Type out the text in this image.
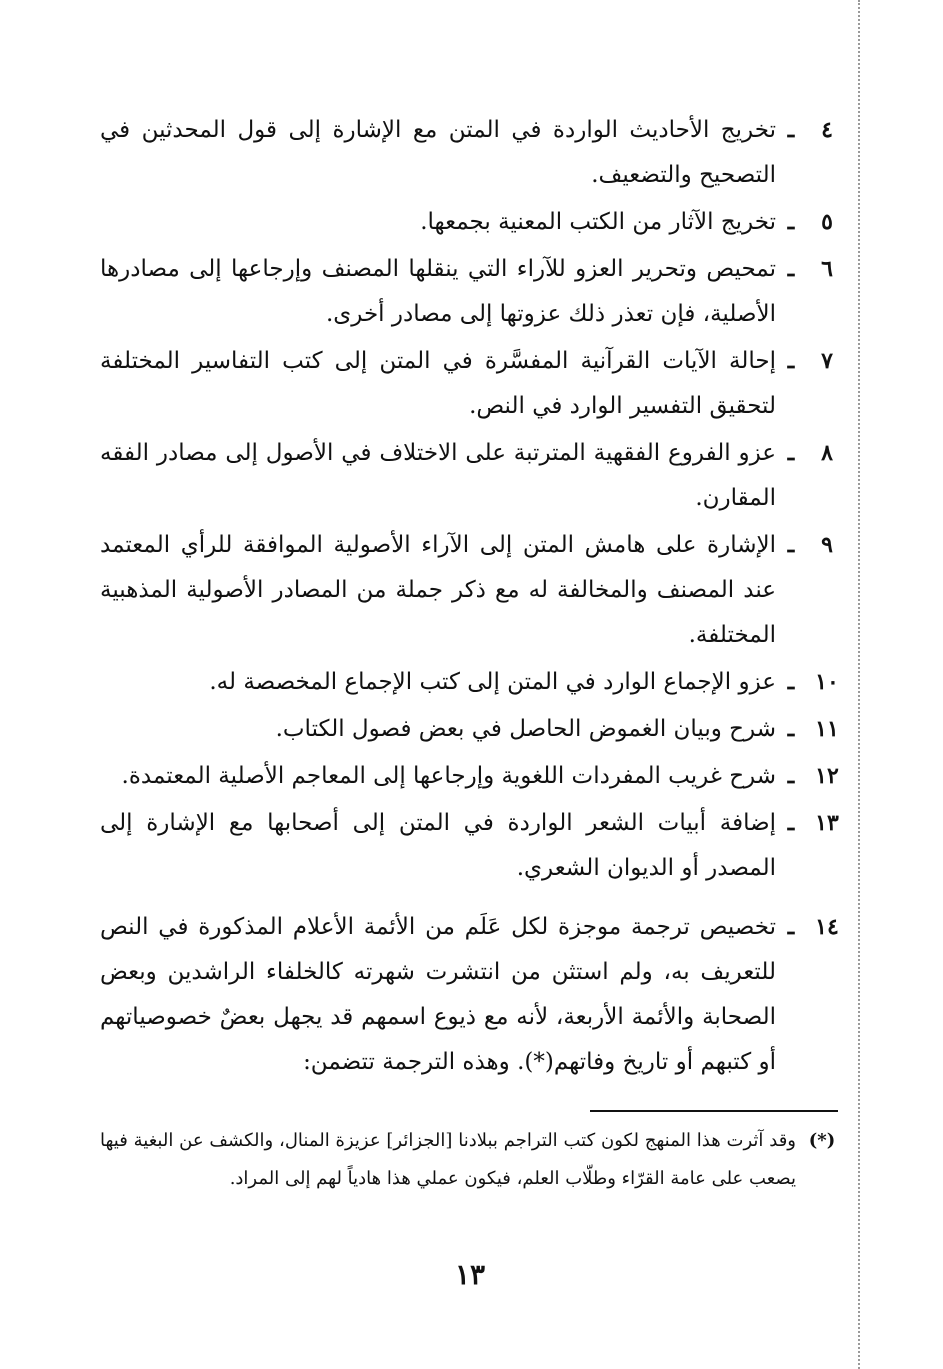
٤
ـ
تخريج الأحاديث الواردة في المتن مع الإشارة إلى قول المحدثين في التصحيح والتضعيف.
٥
ـ
تخريج الآثار من الكتب المعنية بجمعها.
٦
ـ
تمحيص وتحرير العزو للآراء التي ينقلها المصنف وإرجاعها إلى مصادرها الأصلية، فإن تعذر ذلك عزوتها إلى مصادر أخرى.
٧
ـ
إحالة الآيات القرآنية المفسَّرة في المتن إلى كتب التفاسير المختلفة لتحقيق التفسير الوارد في النص.
٨
ـ
عزو الفروع الفقهية المترتبة على الاختلاف في الأصول إلى مصادر الفقه المقارن.
٩
ـ
الإشارة على هامش المتن إلى الآراء الأصولية الموافقة للرأي المعتمد عند المصنف والمخالفة له مع ذكر جملة من المصادر الأصولية المذهبية المختلفة.
١٠
ـ
عزو الإجماع الوارد في المتن إلى كتب الإجماع المخصصة له.
١١
ـ
شرح وبيان الغموض الحاصل في بعض فصول الكتاب.
١٢
ـ
شرح غريب المفردات اللغوية وإرجاعها إلى المعاجم الأصلية المعتمدة.
١٣
ـ
إضافة أبيات الشعر الواردة في المتن إلى أصحابها مع الإشارة إلى المصدر أو الديوان الشعري.
١٤
ـ
تخصيص ترجمة موجزة لكل عَلَم من الأئمة الأعلام المذكورة في النص للتعريف به، ولم استثن من انتشرت شهرته كالخلفاء الراشدين وبعض الصحابة والأئمة الأربعة، لأنه مع ذيوع اسمهم قد يجهل بعضٌ خصوصياتهم أو كتبهم أو تاريخ وفاتهم(*). وهذه الترجمة تتضمن:
(*)
وقد آثرت هذا المنهج لكون كتب التراجم ببلادنا [الجزائر] عزيزة المنال، والكشف عن البغية فيها يصعب على عامة القرّاء وطلّاب العلم، فيكون عملي هذا هادياً لهم إلى المراد.
١٣
